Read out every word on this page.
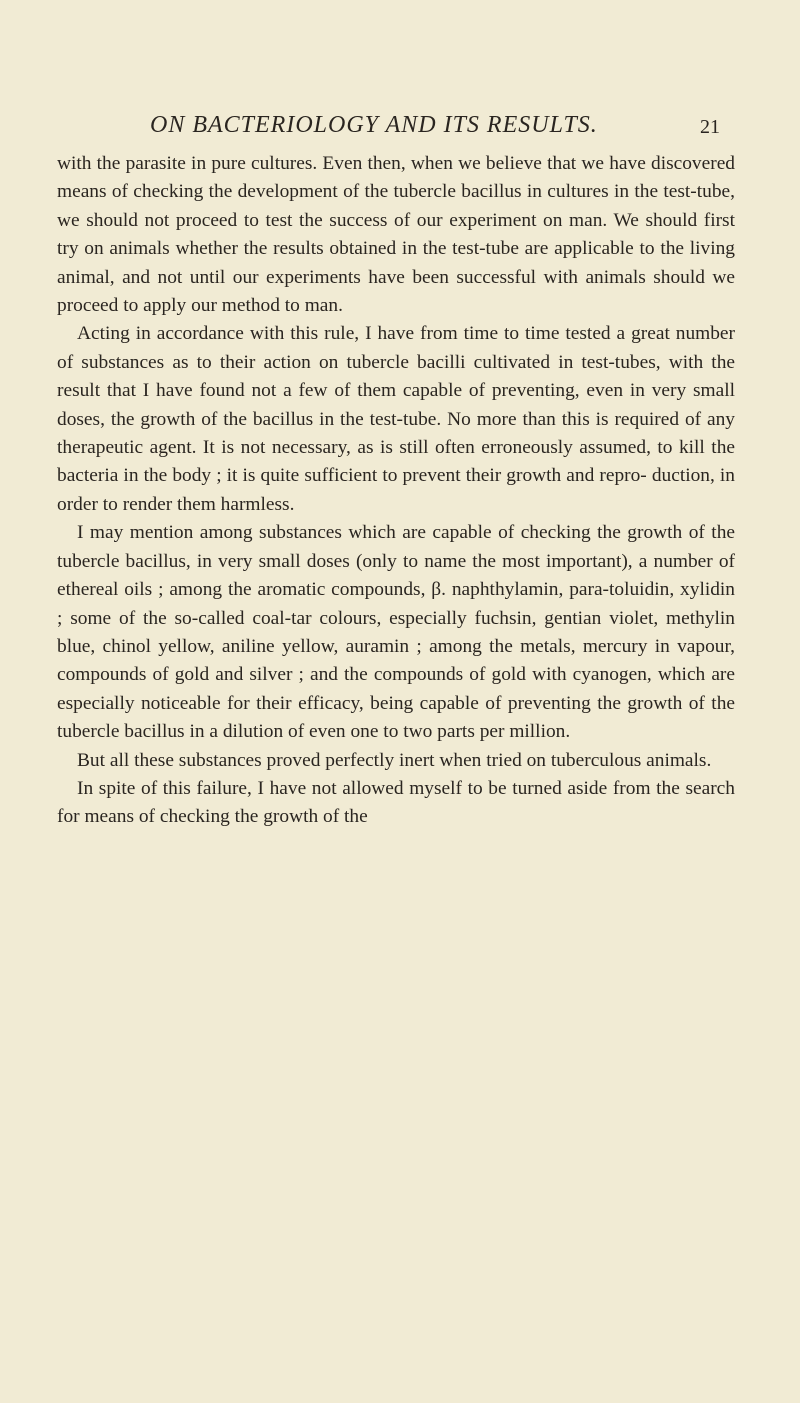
ON BACTERIOLOGY AND ITS RESULTS.	21

with the parasite in pure cultures. Even then, when we believe that we have discovered means of checking the development of the tubercle bacillus in cultures in the test-tube, we should not proceed to test the success of our experiment on man. We should first try on animals whether the results obtained in the test-tube are applicable to the living animal, and not until our experiments have been successful with animals should we proceed to apply our method to man.

Acting in accordance with this rule, I have from time to time tested a great number of substances as to their action on tubercle bacilli cultivated in test-tubes, with the result that I have found not a few of them capable of preventing, even in very small doses, the growth of the bacillus in the test-tube. No more than this is required of any therapeutic agent. It is not necessary, as is still often erroneously assumed, to kill the bacteria in the body ; it is quite sufficient to prevent their growth and repro- duction, in order to render them harmless.

I may mention among substances which are capable of checking the growth of the tubercle bacillus, in very small doses (only to name the most important), a number of ethereal oils ; among the aromatic compounds, β. naphthylamin, para-toluidin, xylidin ; some of the so-called coal-tar colours, especially fuchsin, gentian violet, methylin blue, chinol yellow, aniline yellow, auramin ; among the metals, mercury in vapour, compounds of gold and silver ; and the compounds of gold with cyanogen, which are especially noticeable for their efficacy, being capable of preventing the growth of the tubercle bacillus in a dilution of even one to two parts per million.

But all these substances proved perfectly inert when tried on tuberculous animals.

In spite of this failure, I have not allowed myself to be turned aside from the search for means of checking the growth of the
